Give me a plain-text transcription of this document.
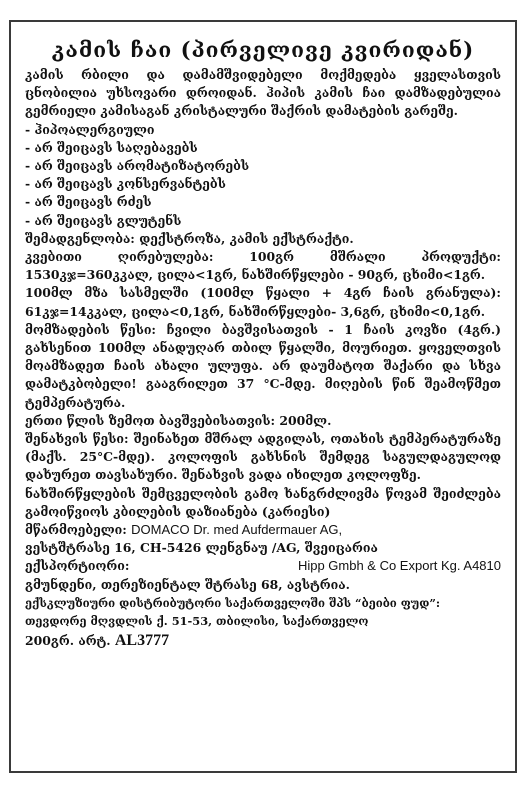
კამის ჩაი (პირველივე კვირიდან)

კამის რბილი და დამამშვიდებელი მოქმედება ყველასთვის ცნობილია უხსოვარი დროიდან. ჰიპის კამის ჩაი დამზადებულია გემრიელი კამისაგან კრისტალური შაქრის დამატების გარეშე.

- ჰიპოალერგიული
- არ შეიცავს საღებავებს
- არ შეიცავს არომატიზატორებს
- არ შეიცავს კონსერვანტებს
- არ შეიცავს რძეს
- არ შეიცავს გლუტენს

შემადგენლობა: დექსტროზა, კამის ექსტრაქტი.

კვებითი ღირებულება: 100გრ მშრალი პროდუქტი: 1530კჯ=360კკალ, ცილა<1გრ, ნახშირწყლები - 90გრ, ცხიმი<1გრ.

100მლ მზა სასმელში (100მლ წყალი + 4გრ ჩაის გრანულა): 61კჯ=14კკალ, ცილა<0,1გრ, ნახშირწყლები- 3,6გრ, ცხიმი<0,1გრ.

მომზადების წესი: ჩვილი ბავშვისათვის - 1 ჩაის კოვზი (4გრ.) გახსენით 100მლ ანადუღარ თბილ წყალში, მოურიეთ. ყოველთვის მოამზადეთ ჩაის ახალი ულუფა. არ დაუმატოთ შაქარი და სხვა დამატკბობელი! გააგრილეთ 37 °C-მდე. მიღების წინ შეამოწმეთ ტემპერატურა.

ერთი წლის ზემოთ ბავშვებისათვის: 200მლ.

შენახვის წესი: შეინახეთ მშრალ ადგილას, ოთახის ტემპერატურაზე (მაქს. 25°C-მდე). კოლოფის გახსნის შემდეგ საგულდაგულოდ დახურეთ თავსახური. შენახვის ვადა იხილეთ კოლოფზე.

ნახშირწყლების შემცველობის გამო ხანგრძლივმა წოვამ შეიძლება გამოიწვიოს კბილების დაზიანება (კარიესი)

მწარმოებელი: DOMACO Dr. med Aufdermauer AG,

ვესტშტრასე 16, CH-5426 ლენგნაუ /AG, შვეიცარია

ექსპორტიორი:	Hipp Gmbh & Co Export Kg. A4810

გმუნდენი, თერეზიენტალ შტრასე 68, ავსტრია.

ექსკლუზიური დისტრიბუტორი საქართველოში შპს “ბეიბი ფუდ”:

თევდორე მღვდლის ქ. 51-53, თბილისი, საქართველო

200გრ. არტ. AL3777
